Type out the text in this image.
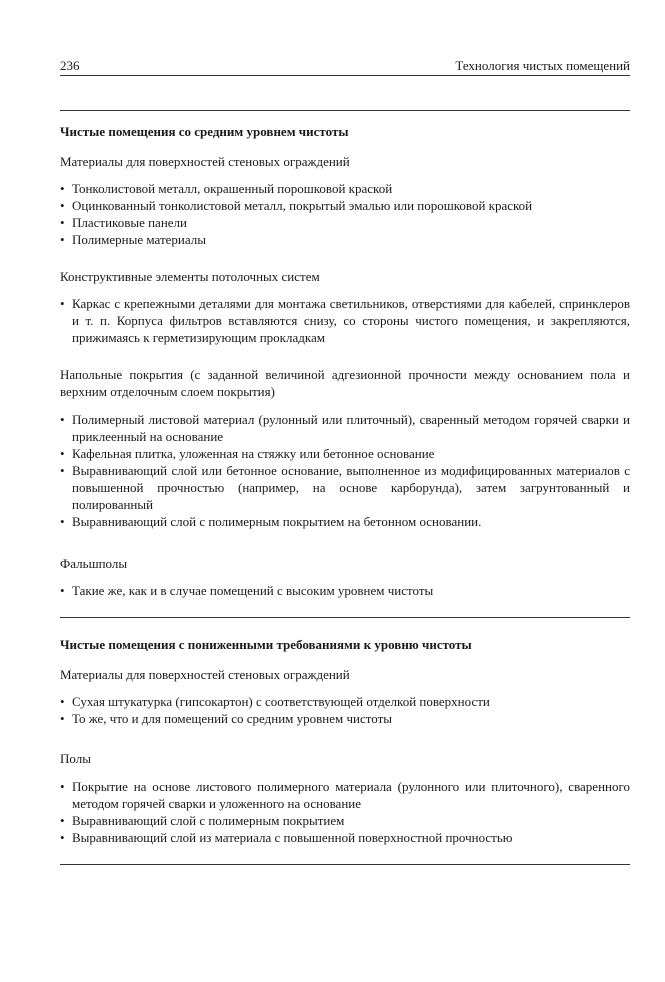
236	Технология чистых помещений
Чистые помещения со средним уровнем чистоты
Материалы для поверхностей стеновых ограждений
• Тонколистовой металл, окрашенный порошковой краской
• Оцинкованный тонколистовой металл, покрытый эмалью или порошковой краской
• Пластиковые панели
• Полимерные материалы
Конструктивные элементы потолочных систем
• Каркас с крепежными деталями для монтажа светильников, отверстиями для кабелей, спринклеров и т. п. Корпуса фильтров вставляются снизу, со стороны чистого помещения, и закрепляются, прижимаясь к герметизирующим прокладкам
Напольные покрытия (с заданной величиной адгезионной прочности между основанием пола и верхним отделочным слоем покрытия)
• Полимерный листовой материал (рулонный или плиточный), сваренный методом горячей сварки и приклеенный на основание
• Кафельная плитка, уложенная на стяжку или бетонное основание
• Выравнивающий слой или бетонное основание, выполненное из модифицированных материалов с повышенной прочностью (например, на основе карборунда), затем загрунтованный и полированный
• Выравнивающий слой с полимерным покрытием на бетонном основании.
Фальшполы
• Такие же, как и в случае помещений с высоким уровнем чистоты
Чистые помещения с пониженными требованиями к уровню чистоты
Материалы для поверхностей стеновых ограждений
• Сухая штукатурка (гипсокартон) с соответствующей отделкой поверхности
• То же, что и для помещений со средним уровнем чистоты
Полы
• Покрытие на основе листового полимерного материала (рулонного или плиточного), сваренного методом горячей сварки и уложенного на основание
• Выравнивающий слой с полимерным покрытием
• Выравнивающий слой из материала с повышенной поверхностной прочностью
